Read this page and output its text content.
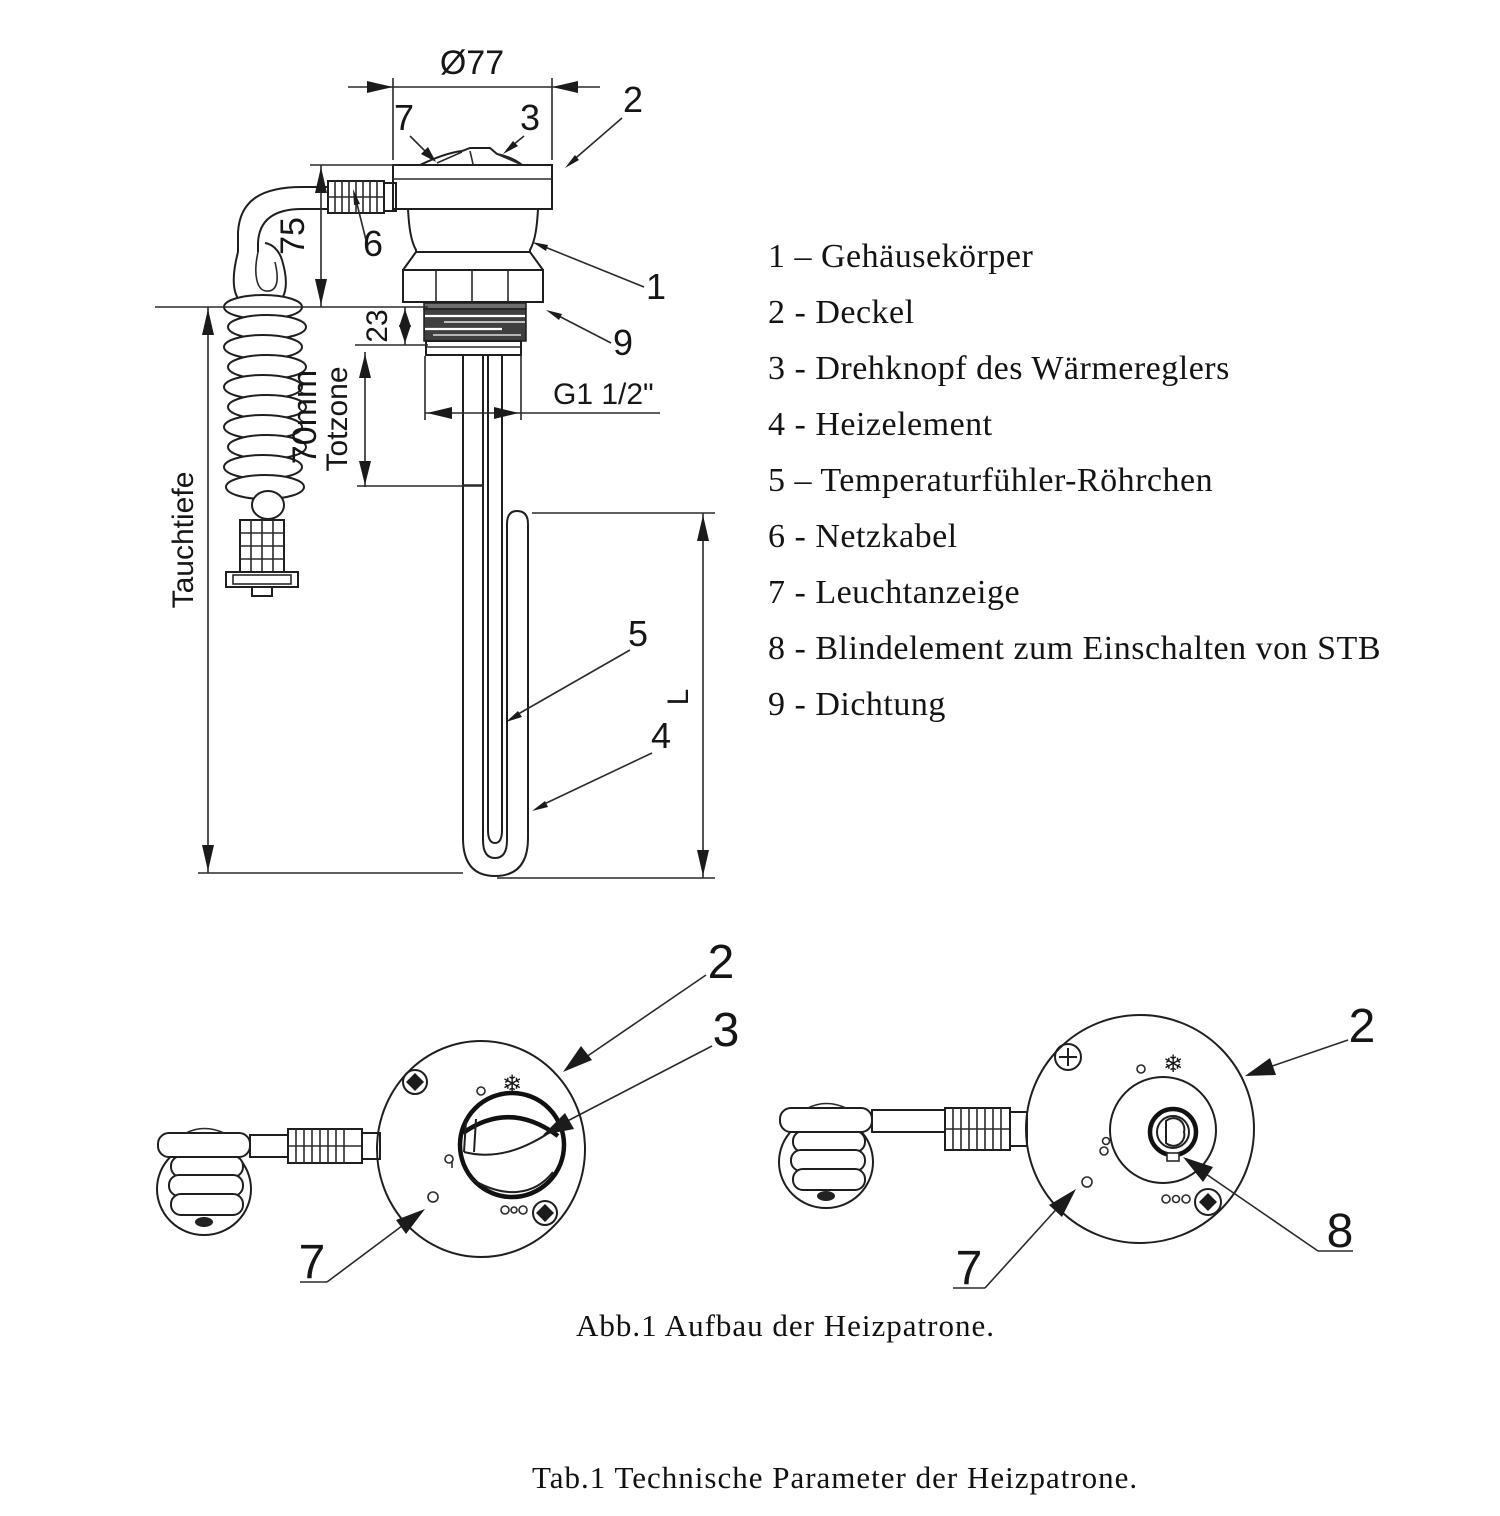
Ø77
75
Tauchtiefe
23
70mm
Totzone	G1 1/2"
L
7	3 2
6
1
9
5
4
❄
2
3
7
❄
2
8
7
1 – Gehäusekörper
2 - Deckel
3 - Drehknopf des Wärmereglers
4 - Heizelement
5 – Temperaturfühler-Röhrchen
6 - Netzkabel
7 - Leuchtanzeige
8 - Blindelement zum Einschalten von STB
9 - Dichtung
Abb.1 Aufbau der Heizpatrone.
Tab.1 Technische Parameter der Heizpatrone.
